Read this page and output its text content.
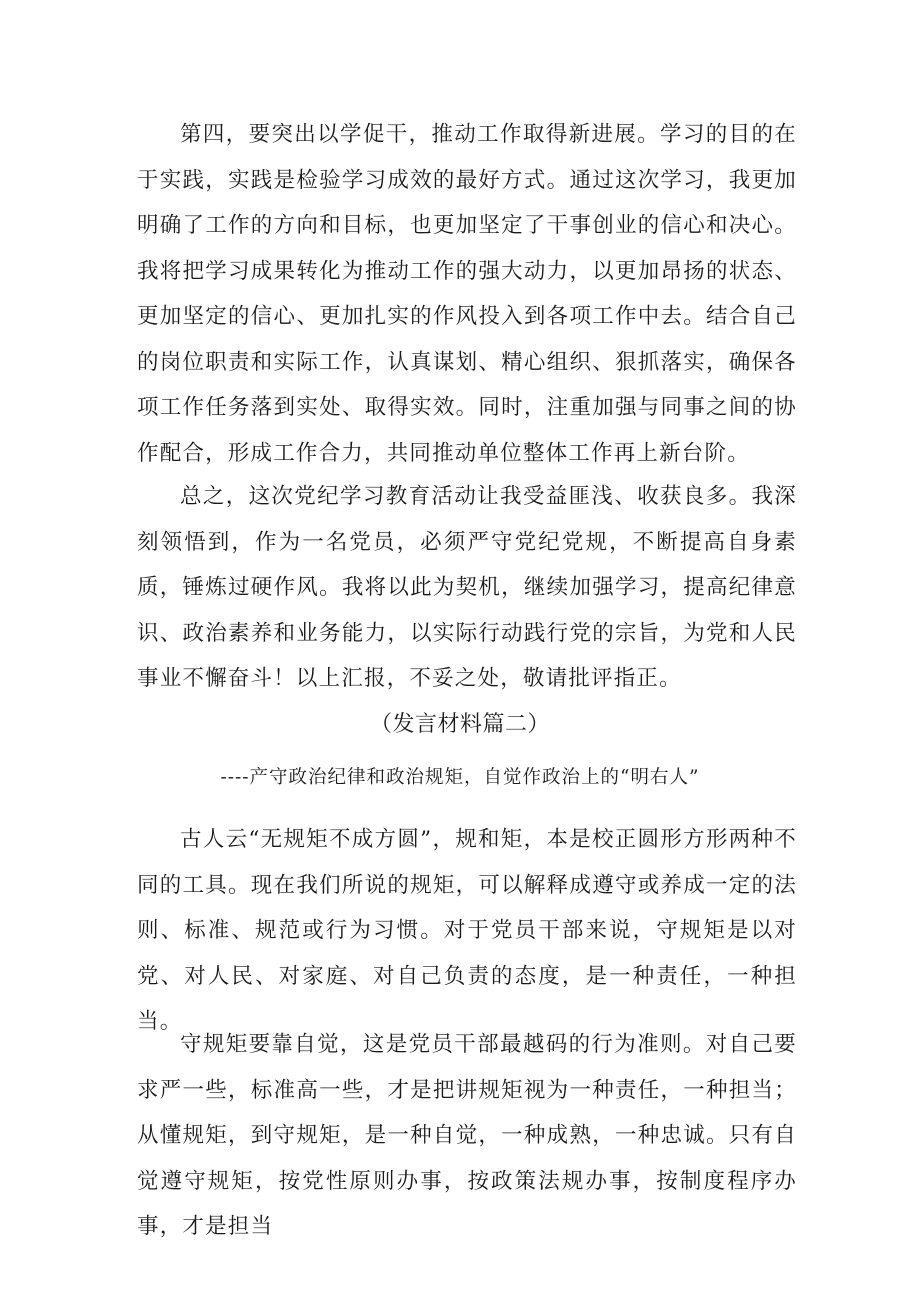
第四，要突出以学促干，推动工作取得新进展。学习的目的在于实践，实践是检验学习成效的最好方式。通过这次学习，我更加明确了工作的方向和目标，也更加坚定了干事创业的信心和决心。我将把学习成果转化为推动工作的强大动力，以更加昂扬的状态、更加坚定的信心、更加扎实的作风投入到各项工作中去。结合自己的岗位职责和实际工作，认真谋划、精心组织、狠抓落实，确保各项工作任务落到实处、取得实效。同时，注重加强与同事之间的协作配合，形成工作合力，共同推动单位整体工作再上新台阶。

总之，这次党纪学习教育活动让我受益匪浅、收获良多。我深刻领悟到，作为一名党员，必须严守党纪党规，不断提高自身素质，锤炼过硬作风。我将以此为契机，继续加强学习，提高纪律意识、政治素养和业务能力，以实际行动践行党的宗旨，为党和人民事业不懈奋斗！以上汇报，不妥之处，敬请批评指正。

（发言材料篇二）

----产守政治纪律和政治规矩，自觉作政治上的“明右人”

古人云“无规矩不成方圆”，规和矩，本是校正圆形方形两种不同的工具。现在我们所说的规矩，可以解释成遵守或养成一定的法则、标准、规范或行为习惯。对于党员干部来说，守规矩是以对党、对人民、对家庭、对自己负责的态度，是一种责任，一种担当。

守规矩要靠自觉，这是党员干部最越码的行为准则。对自己要求严一些，标准高一些，才是把讲规矩视为一种责任，一种担当；从懂规矩，到守规矩，是一种自觉，一种成熟，一种忠诚。只有自觉遵守规矩，按党性原则办事，按政策法规办事，按制度程序办事，才是担当
